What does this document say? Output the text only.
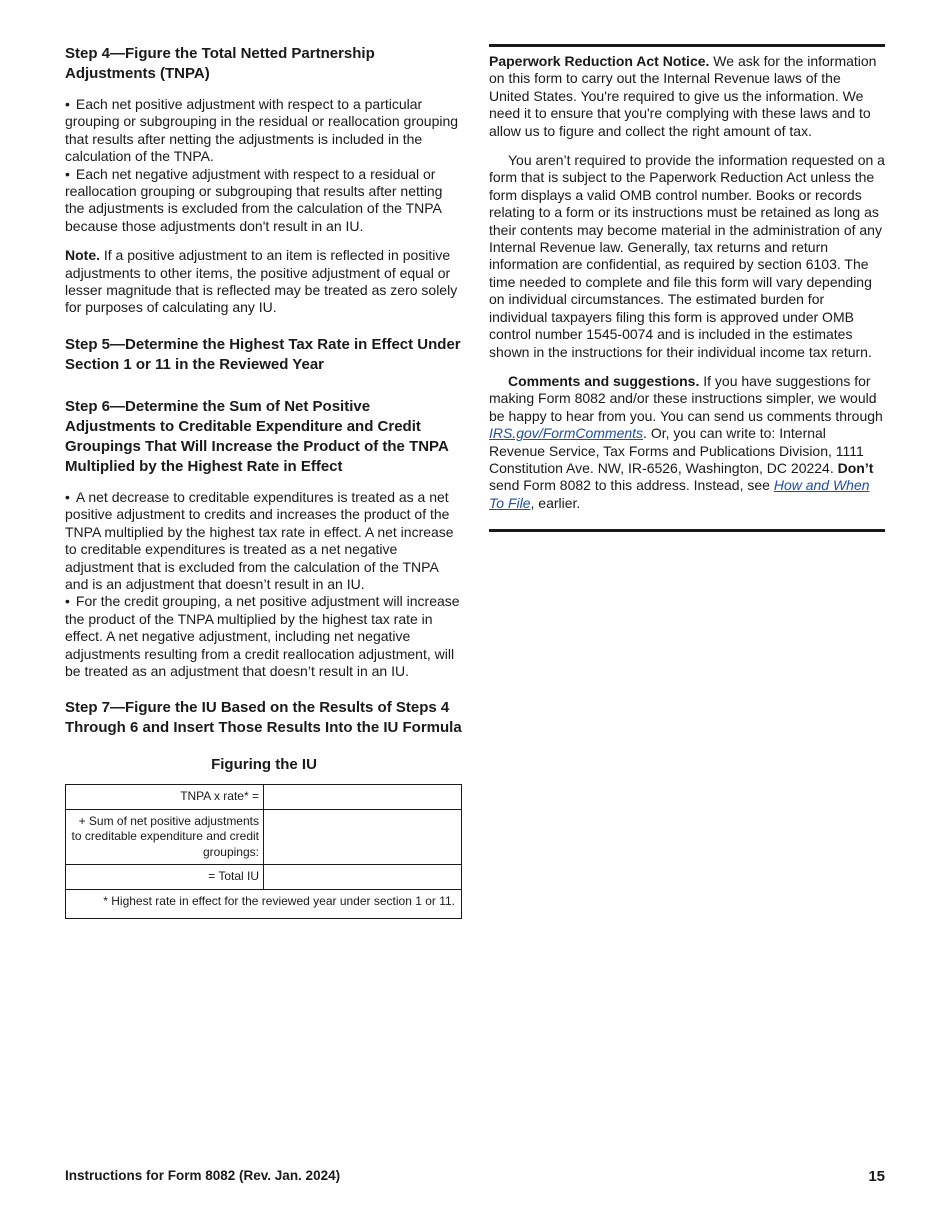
Step 4—Figure the Total Netted Partnership Adjustments (TNPA)

• Each net positive adjustment with respect to a particular grouping or subgrouping in the residual or reallocation grouping that results after netting the adjustments is included in the calculation of the TNPA.

• Each net negative adjustment with respect to a residual or reallocation grouping or subgrouping that results after netting the adjustments is excluded from the calculation of the TNPA because those adjustments don't result in an IU.

Note. If a positive adjustment to an item is reflected in positive adjustments to other items, the positive adjustment of equal or lesser magnitude that is reflected may be treated as zero solely for purposes of calculating any IU.

Step 5—Determine the Highest Tax Rate in Effect Under Section 1 or 11 in the Reviewed Year
Step 6—Determine the Sum of Net Positive Adjustments to Creditable Expenditure and Credit Groupings That Will Increase the Product of the TNPA Multiplied by the Highest Rate in Effect

• A net decrease to creditable expenditures is treated as a net positive adjustment to credits and increases the product of the TNPA multiplied by the highest tax rate in effect. A net increase to creditable expenditures is treated as a net negative adjustment that is excluded from the calculation of the TNPA and is an adjustment that doesn’t result in an IU.

• For the credit grouping, a net positive adjustment will increase the product of the TNPA multiplied by the highest tax rate in effect. A net negative adjustment, including net negative adjustments resulting from a credit reallocation adjustment, will be treated as an adjustment that doesn’t result in an IU.

Step 7—Figure the IU Based on the Results of Steps 4 Through 6 and Insert Those Results Into the IU Formula
Figuring the IU
TNPA x rate* =	
+ Sum of net positive adjustments to creditable expenditure and credit groupings:	
= Total IU	
* Highest rate in effect for the reviewed year under section 1 or 11.	

Paperwork Reduction Act Notice. We ask for the information on this form to carry out the Internal Revenue laws of the United States. You're required to give us the information. We need it to ensure that you're complying with these laws and to allow us to figure and collect the right amount of tax.

You aren’t required to provide the information requested on a form that is subject to the Paperwork Reduction Act unless the form displays a valid OMB control number. Books or records relating to a form or its instructions must be retained as long as their contents may become material in the administration of any Internal Revenue law. Generally, tax returns and return information are confidential, as required by section 6103. The time needed to complete and file this form will vary depending on individual circumstances. The estimated burden for individual taxpayers filing this form is approved under OMB control number 1545-0074 and is included in the estimates shown in the instructions for their individual income tax return.

Comments and suggestions. If you have suggestions for making Form 8082 and/or these instructions simpler, we would be happy to hear from you. You can send us comments through IRS.gov/FormComments. Or, you can write to: Internal Revenue Service, Tax Forms and Publications Division, 1111 Constitution Ave. NW, IR-6526, Washington, DC 20224. Don’t send Form 8082 to this address. Instead, see How and When To File, earlier.

Instructions for Form 8082 (Rev. Jan. 2024)	15
